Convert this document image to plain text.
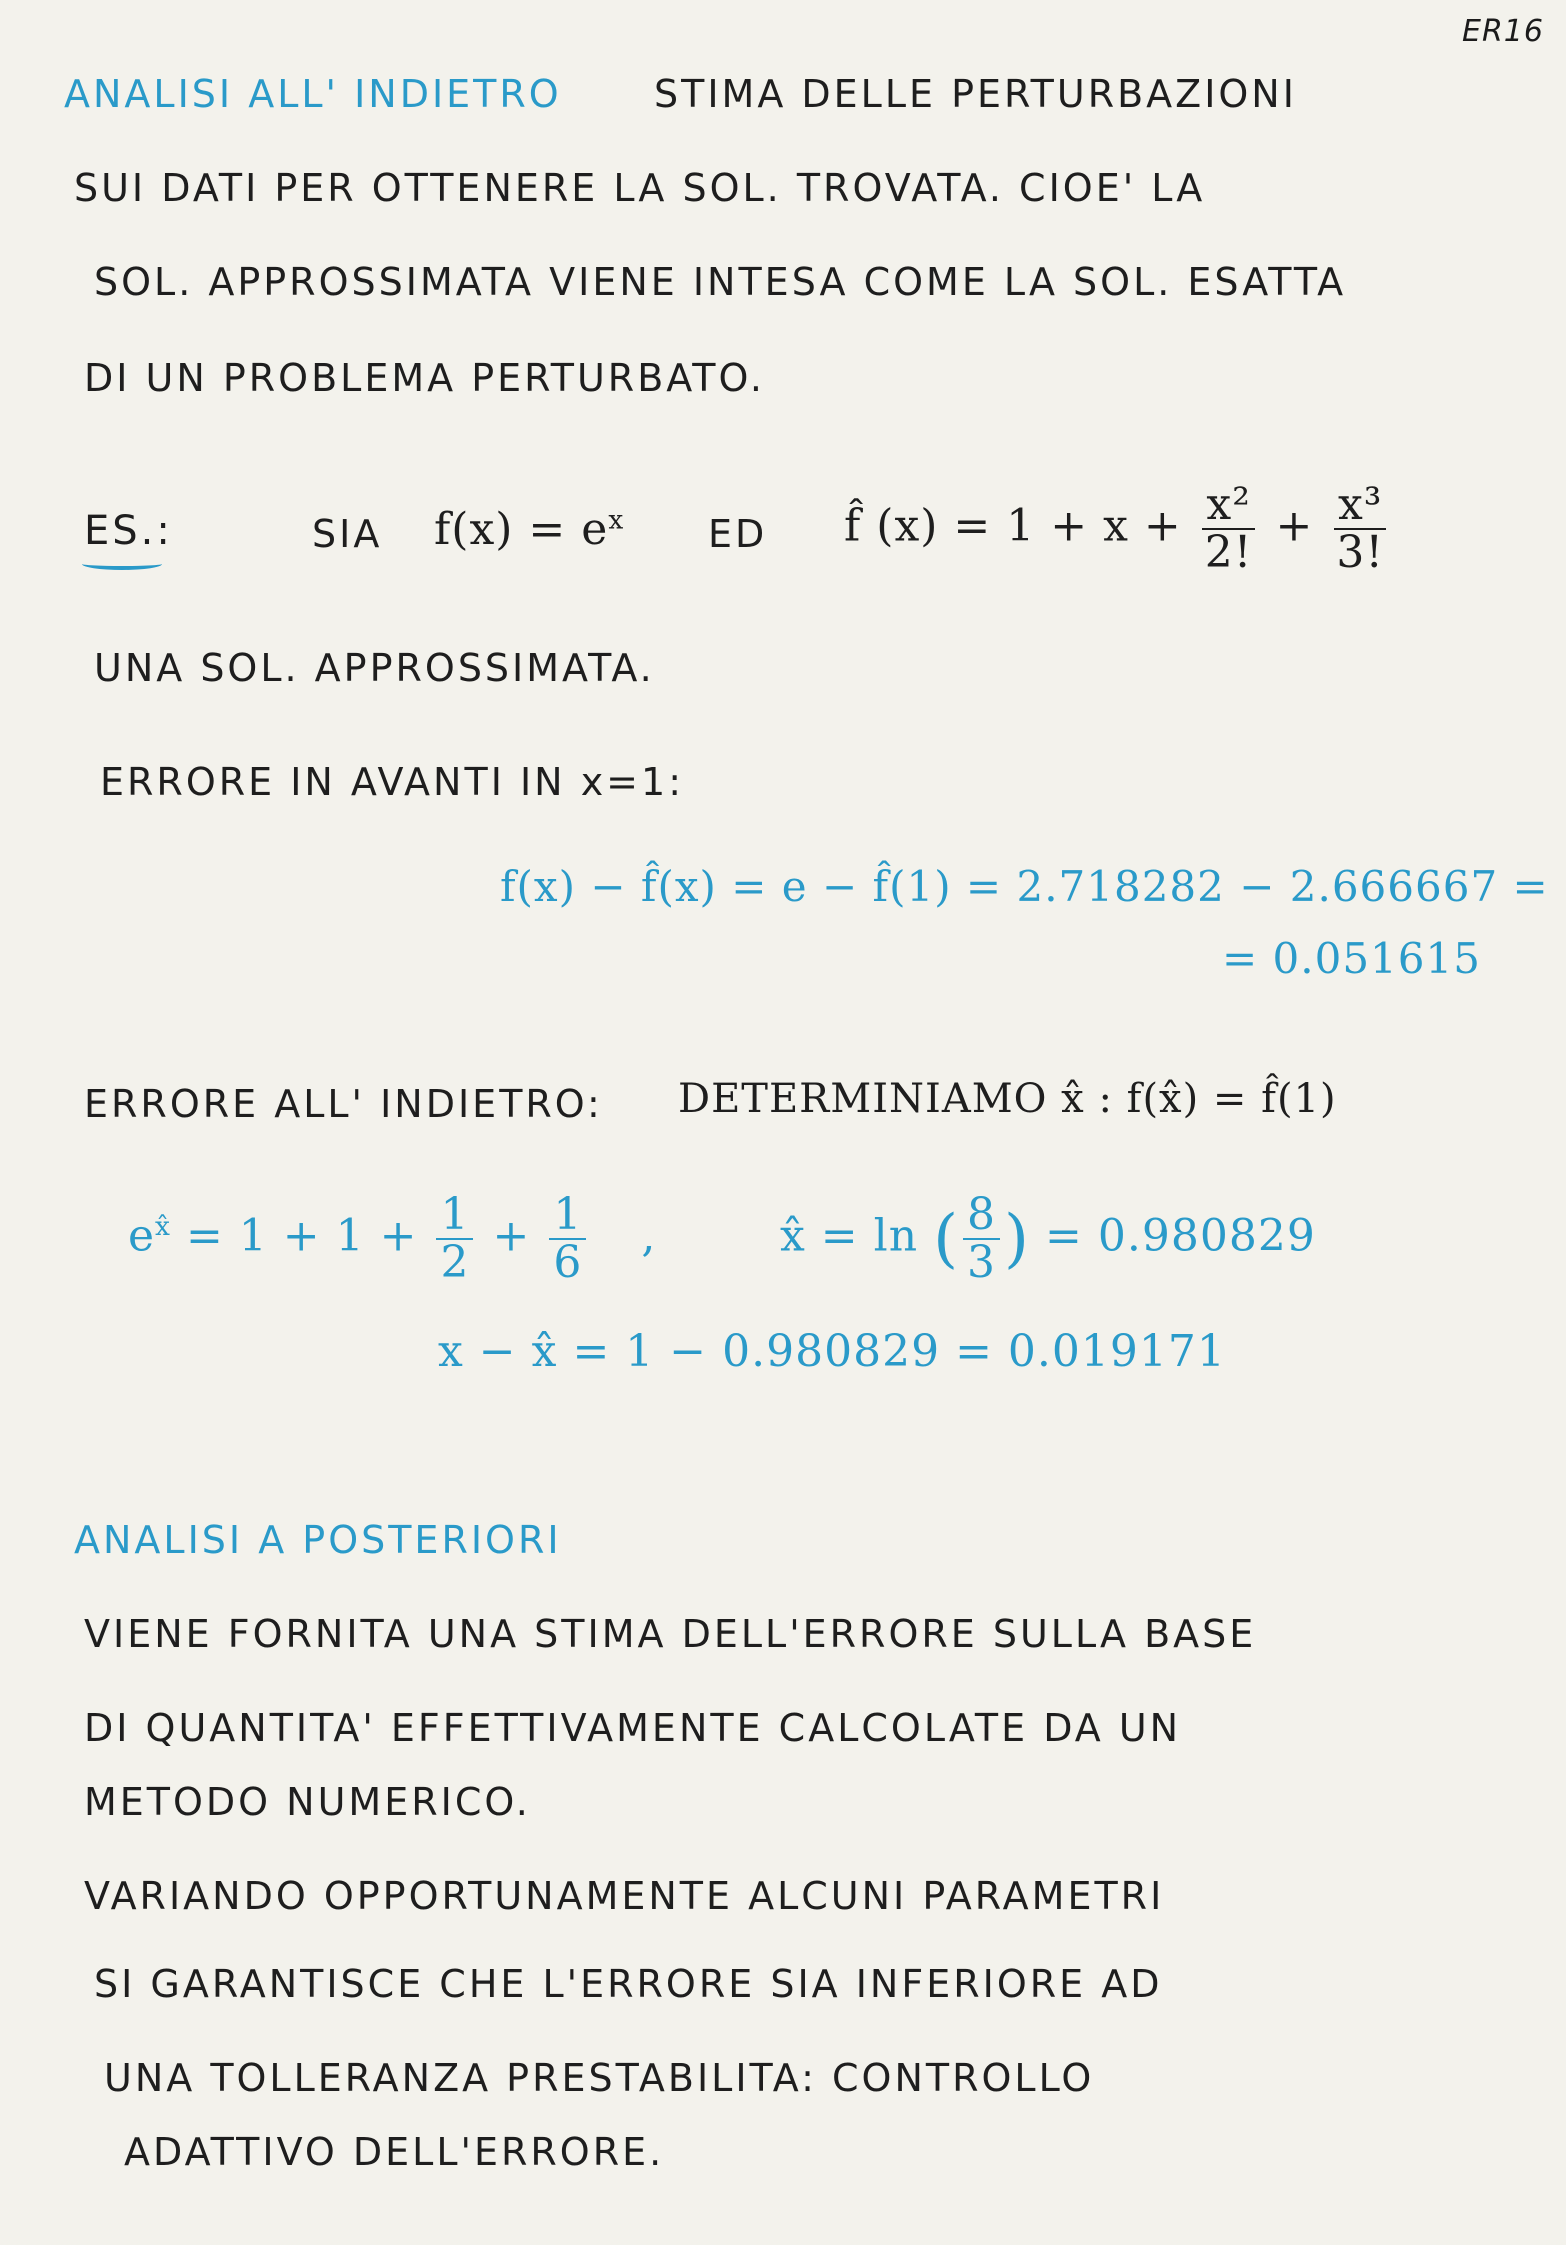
ER16
ANALISI ALL' INDIETRO STIMA DELLE PERTURBAZIONI
SUI DATI PER OTTENERE LA SOL. TROVATA. CIOE' LA
SOL. APPROSSIMATA VIENE INTESA COME LA SOL. ESATTA
DI UN PROBLEMA PERTURBATO.
ES.:	SIA $f(x) = e^x$ ED f̂ $(x) = 1 + x + \frac{\text{x²}}{2!} + \frac{\text{x³}}{3!}$
UNA SOL. APPROSSIMATA.
ERRORE IN AVANTI IN x=1:
f(x) − f̂(x) = e − f̂(1) = 2.718282 − 2.666667 =
= 0.051615
ERRORE ALL' INDIETRO: DETERMINIAMO x̂ : f(x̂) = f̂(1)
$e^{x̂} = 1 + 1 + \frac{1}{2} + \frac{1}{6}$ ,	x̂ = ln ( $\frac{8}{3}$ ) = 0.980829
x − x̂ = 1 − 0.980829 = 0.019171
ANALISI A POSTERIORI
VIENE FORNITA UNA STIMA DELL'ERRORE SULLA BASE
DI QUANTITA' EFFETTIVAMENTE CALCOLATE DA UN
METODO NUMERICO.
VARIANDO OPPORTUNAMENTE ALCUNI PARAMETRI
SI GARANTISCE CHE L'ERRORE SIA INFERIORE AD
UNA TOLLERANZA PRESTABILITA: CONTROLLO
ADATTIVO DELL'ERRORE.
